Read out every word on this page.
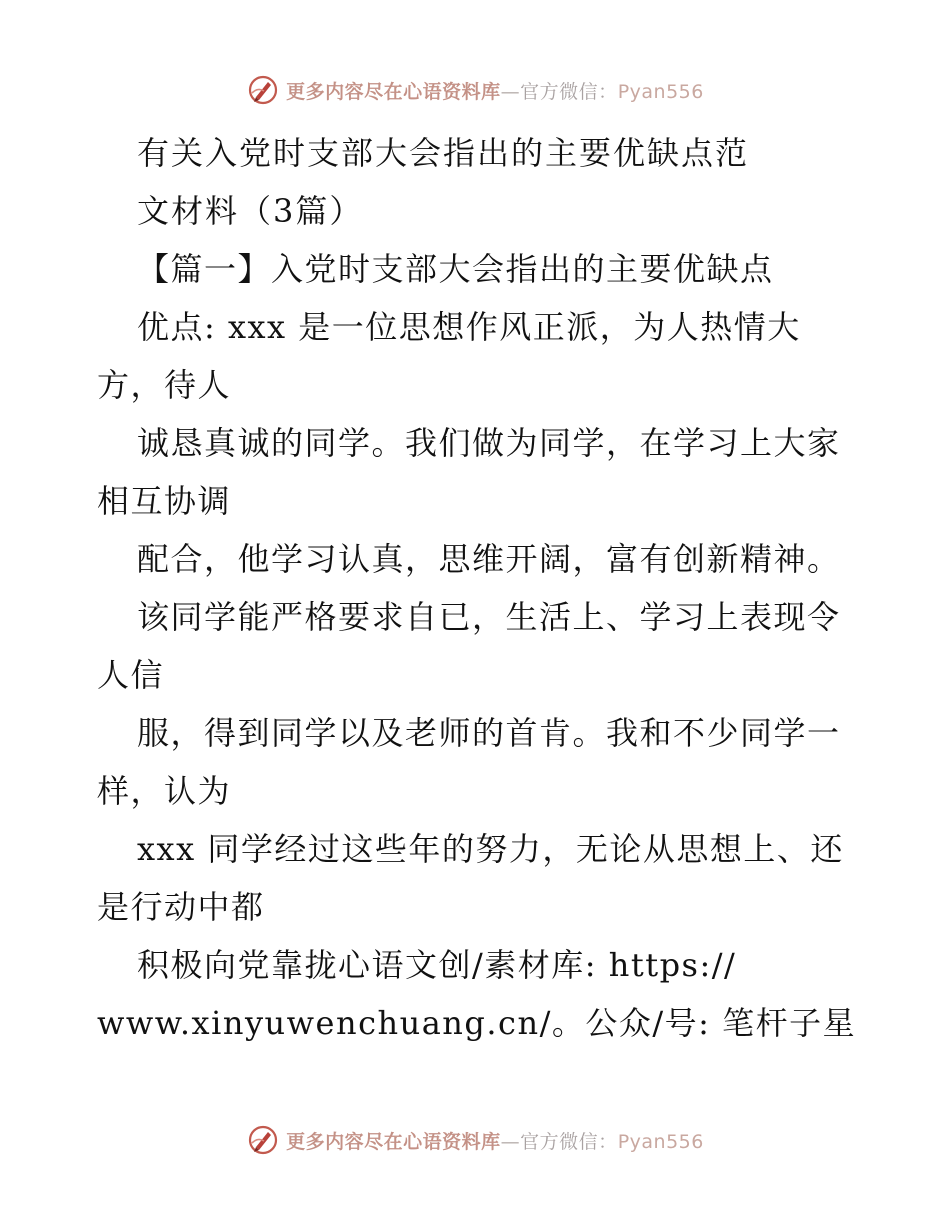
更多内容尽在心语资料库—官方微信：Pyan556
有关入党时支部大会指出的主要优缺点范
文材料（3篇）
【篇一】入党时支部大会指出的主要优缺点
优点: xxx 是一位思想作风正派，为人热情大
方，待人
诚恳真诚的同学。我们做为同学，在学习上大家
相互协调
配合，他学习认真，思维开阔，富有创新精神。
该同学能严格要求自已，生活上、学习上表现令
人信
服，得到同学以及老师的首肯。我和不少同学一
样，认为
xxx 同学经过这些年的努力，无论从思想上、还
是行动中都
积极向党靠拢心语文创/素材库: https://
www.xinyuwenchuang.cn/。公众/号: 笔杆子星
更多内容尽在心语资料库—官方微信：Pyan556
